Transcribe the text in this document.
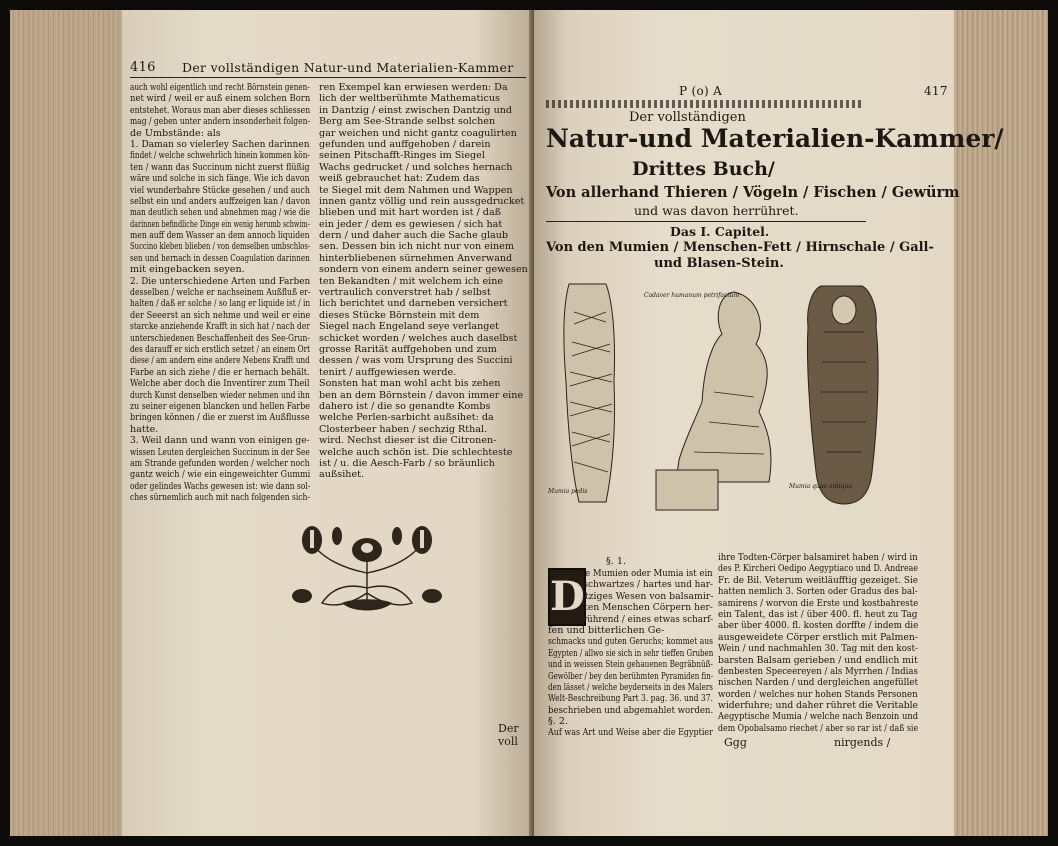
416 Der vollständigen Natur-und Materialien-Kammer
auch wohl eigentlich und recht Börnstein genen-
net wird / weil er auß einem solchen Born
entstehet. Woraus man aber dieses schliessen
mag / geben unter andern insonderheit folgen-
de Umbstände: als
1. Daman so vielerley Sachen darinnen
findet / welche schwehrlich hinein kommen kön-
ten / wann das Succinum nicht zuerst flüßig
wäre und solche in sich fänge. Wie ich davon
viel wunderbahre Stücke gesehen / und auch
selbst ein und anders auffzeigen kan / davon
man deutlich sehen und abnehmen mag / wie die
darinnen befindliche Dinge ein wenig herumb schwim-
men auff dem Wasser an dem annoch liquiden
Succino kleben blieben / von demselben umbschlos-
sen und hernach in dessen Coagulation darinnen
mit eingebacken seyen.
2. Die unterschiedene Arten und Farben
desselben / welche er nachseinem Außfluß er-
halten / daß er solche / so lang er liquide ist / in
der Seeerst an sich nehme und weil er eine
starcke anziehende Krafft in sich hat / nach der
unterschiedenen Beschaffenheit des See-Grun-
des darauff er sich erstlich setzet / an einem Ort
diese / am andern eine andere Nebens Krafft und
Farbe an sich ziehe / die er hernach behält.
Welche aber doch die Inventirer zum Theil
durch Kunst denselben wieder nehmen und ihn
zu seiner eigenen blancken und hellen Farbe
bringen können / die er zuerst im Außflusse
hatte.
3. Weil dann und wann von einigen ge-
wissen Leuten dergleichen Succinum in der See
am Strande gefunden worden / welcher noch
gantz weich / wie ein eingeweichter Gummi
oder gelindes Wachs gewesen ist: wie dann sol-
ches sürnemlich auch mit nach folgenden sich-
ren Exempel kan erwiesen werden: Da
lich der weltberühmte Mathematicus
in Dantzig / einst zwischen Dantzig und
Berg am See-Strande selbst solchen
gar weichen und nicht gantz coagulirten
gefunden und auffgehoben / darein
seinen Pitschafft-Ringes im Siegel
Wachs gedrucket / und solches hernach
weiß gebrauchet hat: Zudem das
te Siegel mit dem Nahmen und Wappen
innen gantz völlig und rein aussgedrucket
blieben und mit hart worden ist / daß
ein jeder / dem es gewiesen / sich hat
dern / und daher auch die Sache glaub
sen. Dessen bin ich nicht nur von einem
hinterbliebenen sürnehmen Anverwand
sondern von einem andern seiner gewesen
ten Bekandten / mit welchem ich eine
vertraulich converstret hab / selbst
lich berichtet und darneben versichert
dieses Stücke Börnstein mit dem
Siegel nach Engeland seye verlanget
schicket worden / welches auch daselbst
grosse Rarität auffgehoben und zum
dessen / was vom Ursprung des Succini
tenirt / auffgewiesen werde.
Sonsten hat man wohl acht bis zehen
ben an dem Börnstein / davon immer eine
dahero ist / die so genandte Kombs
welche Perlen-sarbicht außsihet: da
Closterbeer haben / sechzig Rthal.
wird. Nechst dieser ist die Citronen-
welche auch schön ist. Die schlechteste
ist / u. die Aesch-Farb / so bräunlich
außsihet.
Der voll
P (o) A	417
Der vollständigen
Natur-und Materialien-Kammer/
Drittes Buch/
Von allerhand Thieren / Vögeln / Fischen / Gewürm
und was davon herrühret.
Das I. Capitel.
Von den Mumien / Menschen-Fett / Hirnschale / Gall-
und Blasen-Stein.
Cadaver humanum petrifactum
Mumia pedis
Mumia quae antiqua
§. 1.
D
Je Mumien oder Mumia ist ein
schwartzes / hartes und har-
tziges Wesen von balsamir-
ten Menschen Cörpern her-
rührend / eines etwas scharf-
fen und bitterlichen Ge-
schmacks und guten Geruchs; kommet aus
Egypten / allwo sie sich in sehr tieffen Gruben
und in weissen Stein gehauenen Begräbnüß-
Gewölber / bey den berühmten Pyramiden fin-
den lässet / welche beyderseits in des Malers
Welt-Beschreibung Part 3. pag. 36. und 37.
beschrieben und abgemahlet worden.
§. 2.
Auf was Art und Weise aber die Egyptier
ihre Todten-Cörper balsamiret haben / wird in
des P. Kircheri Oedipo Aegyptiaco und D. Andreae
Fr. de Bil. Veterum weitläufftig gezeiget. Sie
hatten nemlich 3. Sorten oder Gradus des bal-
samirens / worvon die Erste und kostbahreste
ein Talent, das ist / über 400. fl. heut zu Tag
aber über 4000. fl. kosten dorffte / indem die
ausgeweidete Cörper erstlich mit Palmen-
Wein / und nachmahlen 30. Tag mit den kost-
barsten Balsam gerieben / und endlich mit
denbesten Speceereyen / als Myrrhen / Indias
nischen Narden / und dergleichen angefüllet
worden / welches nur hohen Stands Personen
widerfuhre; und daher rühret die Veritable
Aegyptische Mumia / welche nach Benzoin und
dem Opobalsamo riechet / aber so rar ist / daß sie
Ggg	nirgends /
